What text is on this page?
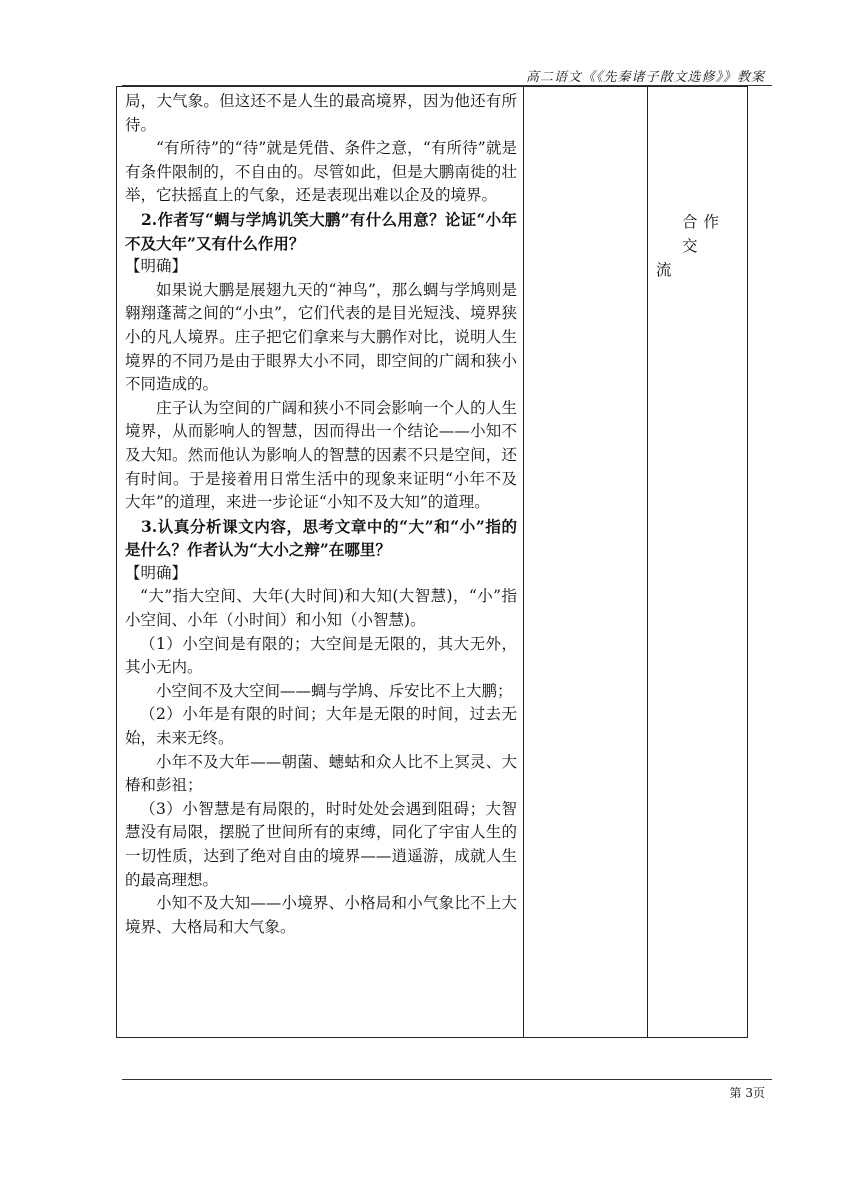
高二语文《《先秦诸子散文选修》》教案

局，大气象。但这还不是人生的最高境界，因为他还有所待。

“有所待”的“待”就是凭借、条件之意，“有所待”就是有条件限制的，不自由的。尽管如此，但是大鹏南徙的壮举，它扶摇直上的气象，还是表现出难以企及的境界。

2.作者写“蜩与学鸠讥笑大鹏”有什么用意？论证“小年不及大年”又有什么作用？

【明确】

如果说大鹏是展翅九天的“神鸟”，那么蜩与学鸠则是翱翔蓬蒿之间的“小虫”，它们代表的是目光短浅、境界狭小的凡人境界。庄子把它们拿来与大鹏作对比，说明人生境界的不同乃是由于眼界大小不同，即空间的广阔和狭小不同造成的。

庄子认为空间的广阔和狭小不同会影响一个人的人生境界，从而影响人的智慧，因而得出一个结论——小知不及大知。然而他认为影响人的智慧的因素不只是空间，还有时间。于是接着用日常生活中的现象来证明“小年不及大年”的道理，来进一步论证“小知不及大知”的道理。

3.认真分析课文内容，思考文章中的“大”和“小”指的是什么？作者认为“大小之辩”在哪里？

【明确】

“大”指大空间、大年(大时间)和大知(大智慧)，“小”指小空间、小年（小时间）和小知（小智慧)。

（1）小空间是有限的；大空间是无限的，其大无外，其小无内。

小空间不及大空间——蜩与学鸠、斥安比不上大鹏；

（2）小年是有限的时间；大年是无限的时间，过去无始，未来无终。

小年不及大年——朝菌、蟪蛄和众人比不上冥灵、大椿和彭祖；

（3）小智慧是有局限的，时时处处会遇到阻碍；大智慧没有局限，摆脱了世间所有的束缚，同化了宇宙人生的一切性质，达到了绝对自由的境界——逍遥游，成就人生的最高理想。

小知不及大知——小境界、小格局和小气象比不上大境界、大格局和大气象。

合作交
流
第 3页
